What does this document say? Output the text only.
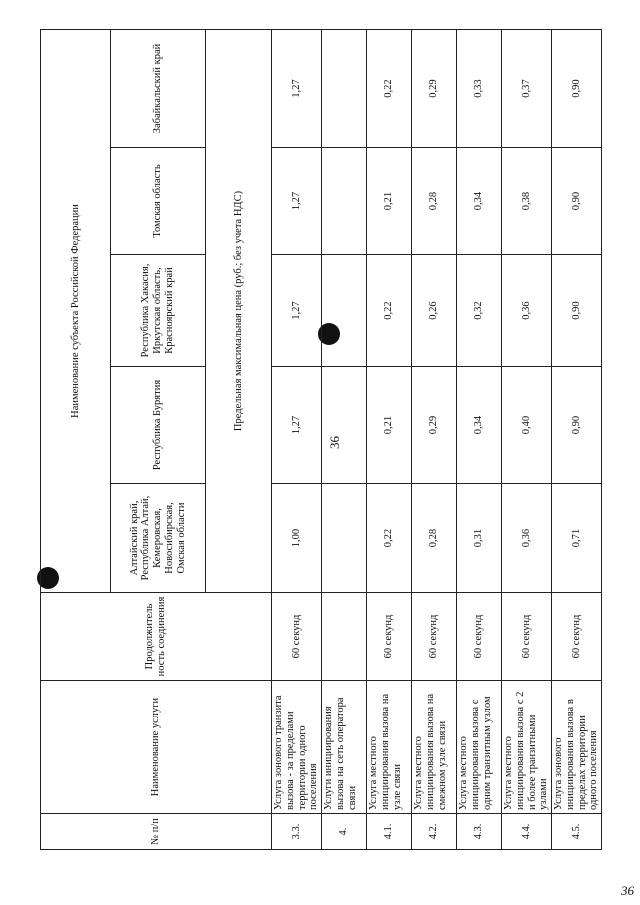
36
36
№ п/п	Наименование услуги	Продолжитель ность соединения	Наименование субъекта Российской Федерации				
			Алтайский край, Республика Алтай, Кемеровская, Новосибирская, Омская области	Республика Бурятия	Республика Хакасия, Иркутская область, Красноярский край	Томская область	Забайкальский край
			Предельная максимальная цена (руб.; без учета НДС)				
3.3.	Услуга зонового транзита вызова - за пределами территории одного поселения	60 секунд	1,00	1,27	1,27	1,27	1,27
4.	Услуги инициирования вызова на сеть оператора связи						
4.1.	Услуга местного инициирования вызова на узле связи	60 секунд	0,22	0,21	0,22	0,21	0,22
4.2.	Услуга местного инициирования вызова на смежном узле связи	60 секунд	0,28	0,29	0,26	0,28	0,29
4.3.	Услуга местного инициирования вызова с одним транзитным узлом	60 секунд	0,31	0,34	0,32	0,34	0,33
4.4.	Услуга местного инициирования вызова с 2 и более транзитными узлами	60 секунд	0,36	0,40	0,36	0,38	0,37
4.5.	Услуга зонового инициирования вызова в пределах территории одного поселения	60 секунд	0,71	0,90	0,90	0,90	0,90
